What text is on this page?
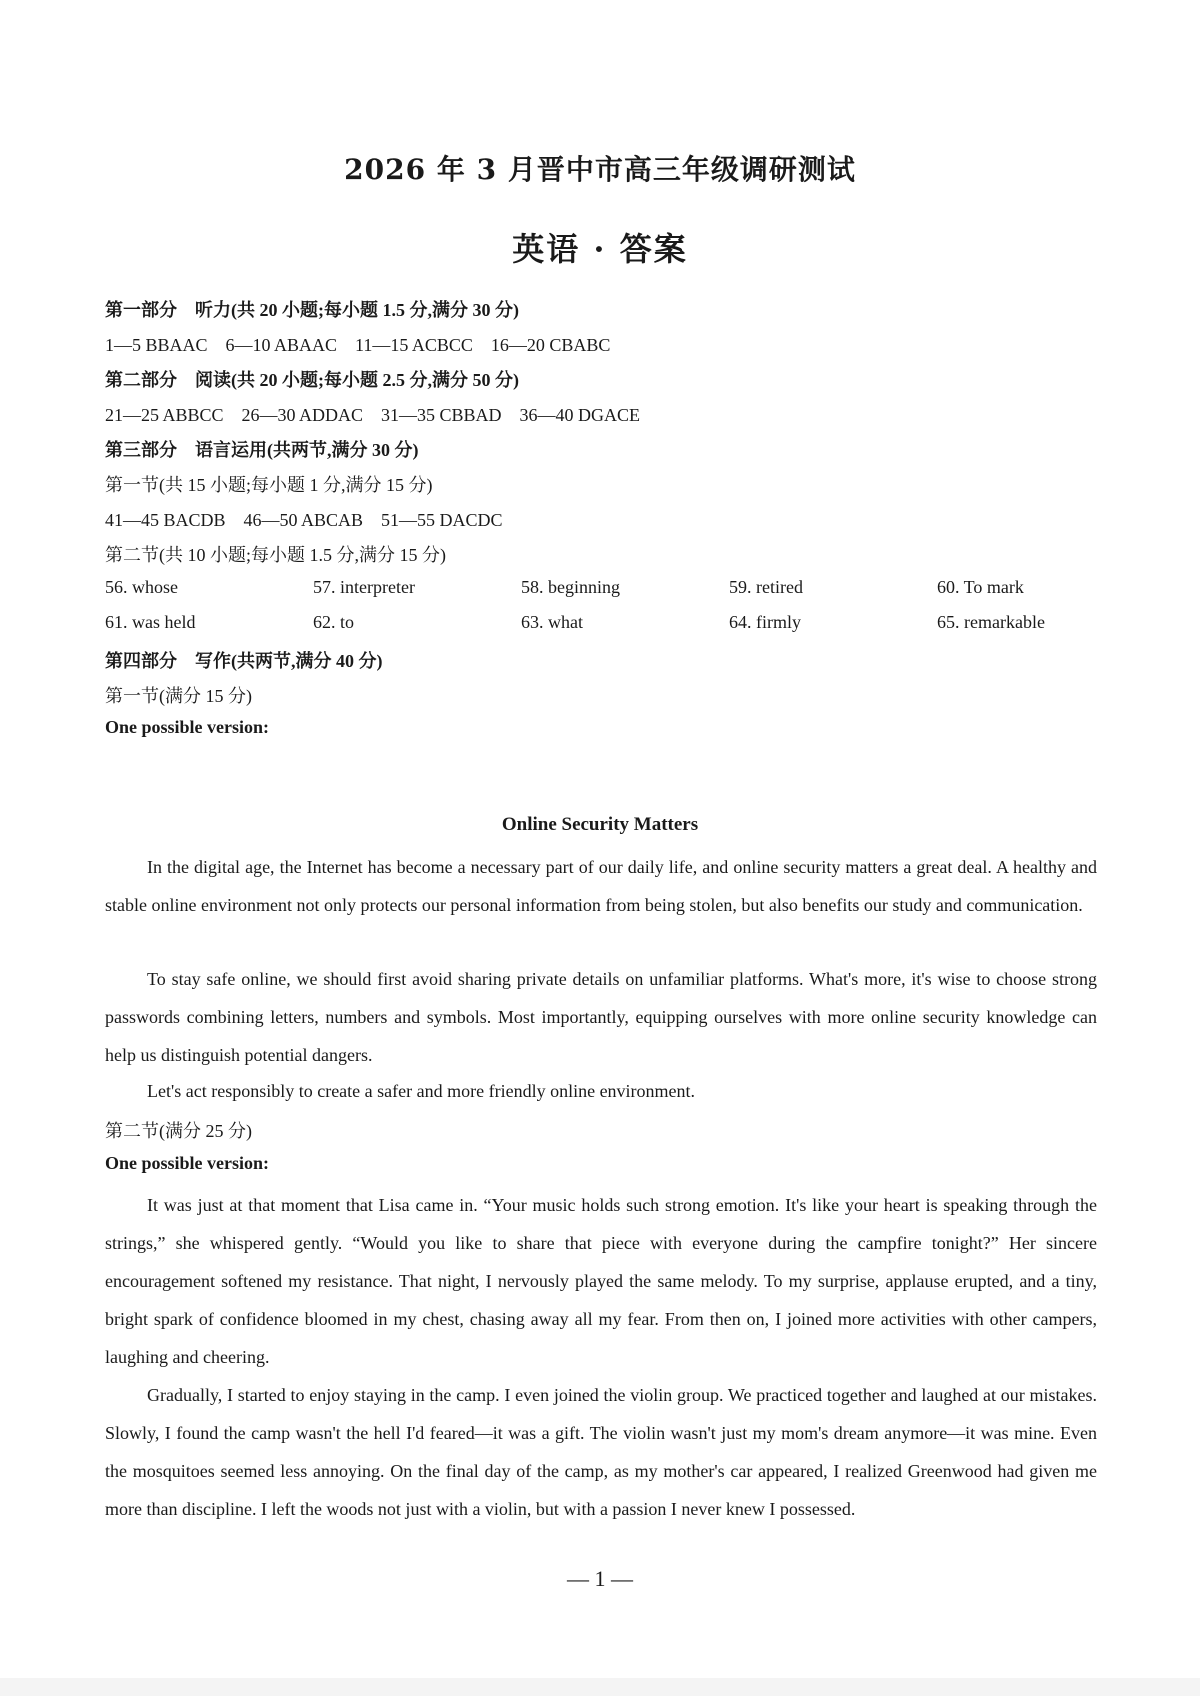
2026 年 3 月晋中市高三年级调研测试
英语 · 答案
第一部分　听力(共 20 小题;每小题 1.5 分,满分 30 分)
1—5 BBAAC　6—10 ABAAC　11—15 ACBCC　16—20 CBABC
第二部分　阅读(共 20 小题;每小题 2.5 分,满分 50 分)
21—25 ABBCC　26—30 ADDAC　31—35 CBBAD　36—40 DGACE
第三部分　语言运用(共两节,满分 30 分)
第一节(共 15 小题;每小题 1 分,满分 15 分)
41—45 BACDB　46—50 ABCAB　51—55 DACDC
第二节(共 10 小题;每小题 1.5 分,满分 15 分)
56. whose	57. interpreter	58. beginning	59. retired	60. To mark
61. was held	62. to	63. what	64. firmly	65. remarkable
第四部分　写作(共两节,满分 40 分)
第一节(满分 15 分)
One possible version:
Online Security Matters

In the digital age, the Internet has become a necessary part of our daily life, and online security matters a great deal. A healthy and stable online environment not only protects our personal information from being stolen, but also benefits our study and communication.

To stay safe online, we should first avoid sharing private details on unfamiliar platforms. What's more, it's wise to choose strong passwords combining letters, numbers and symbols. Most importantly, equipping ourselves with more online security knowledge can help us distinguish potential dangers.

Let's act responsibly to create a safer and more friendly online environment.

第二节(满分 25 分)
One possible version:

It was just at that moment that Lisa came in. “Your music holds such strong emotion. It's like your heart is speaking through the strings,” she whispered gently. “Would you like to share that piece with everyone during the campfire tonight?” Her sincere encouragement softened my resistance. That night, I nervously played the same melody. To my surprise, applause erupted, and a tiny, bright spark of confidence bloomed in my chest, chasing away all my fear. From then on, I joined more activities with other campers, laughing and cheering.

Gradually, I started to enjoy staying in the camp. I even joined the violin group. We practiced together and laughed at our mistakes. Slowly, I found the camp wasn't the hell I'd feared—it was a gift. The violin wasn't just my mom's dream anymore—it was mine. Even the mosquitoes seemed less annoying. On the final day of the camp, as my mother's car appeared, I realized Greenwood had given me more than discipline. I left the woods not just with a violin, but with a passion I never knew I possessed.

— 1 —
